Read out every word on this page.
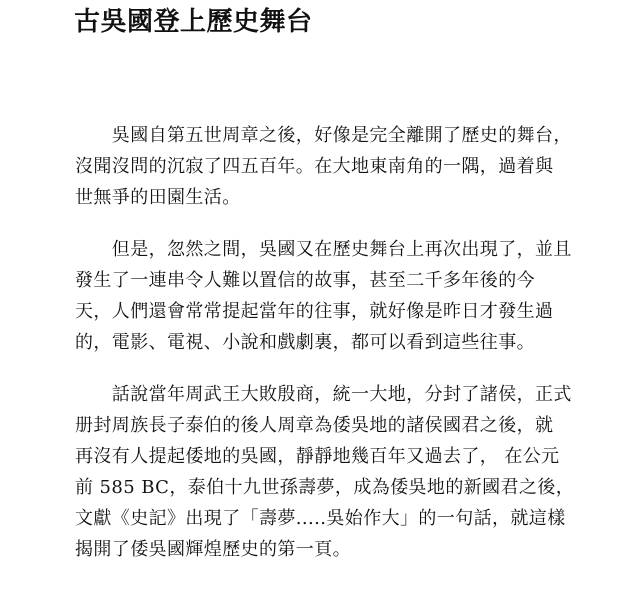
古吳國登上歷史舞台

　　吳國自第五世周章之後，好像是完全離開了歷史的舞台，
沒聞沒問的沉寂了四五百年。在大地東南角的一隅，過着與
世無爭的田園生活。

　　但是，忽然之間，吳國又在歷史舞台上再次出現了，並且
發生了一連串令人難以置信的故事，甚至二千多年後的今
天，人們還會常常提起當年的往事，就好像是昨日才發生過
的，電影、電視、小說和戲劇裏，都可以看到這些往事。

　　話說當年周武王大敗殷商，統一大地，分封了諸侯，正式
册封周族長子泰伯的後人周章為倭吳地的諸侯國君之後，就
再沒有人提起倭地的吳國，靜靜地幾百年又過去了， 在公元
前 585 BC，泰伯十九世孫壽夢，成為倭吳地的新國君之後，
文獻《史記》出現了「壽夢.....吳始作大」的一句話，就這樣
揭開了倭吳國輝煌歷史的第一頁。
